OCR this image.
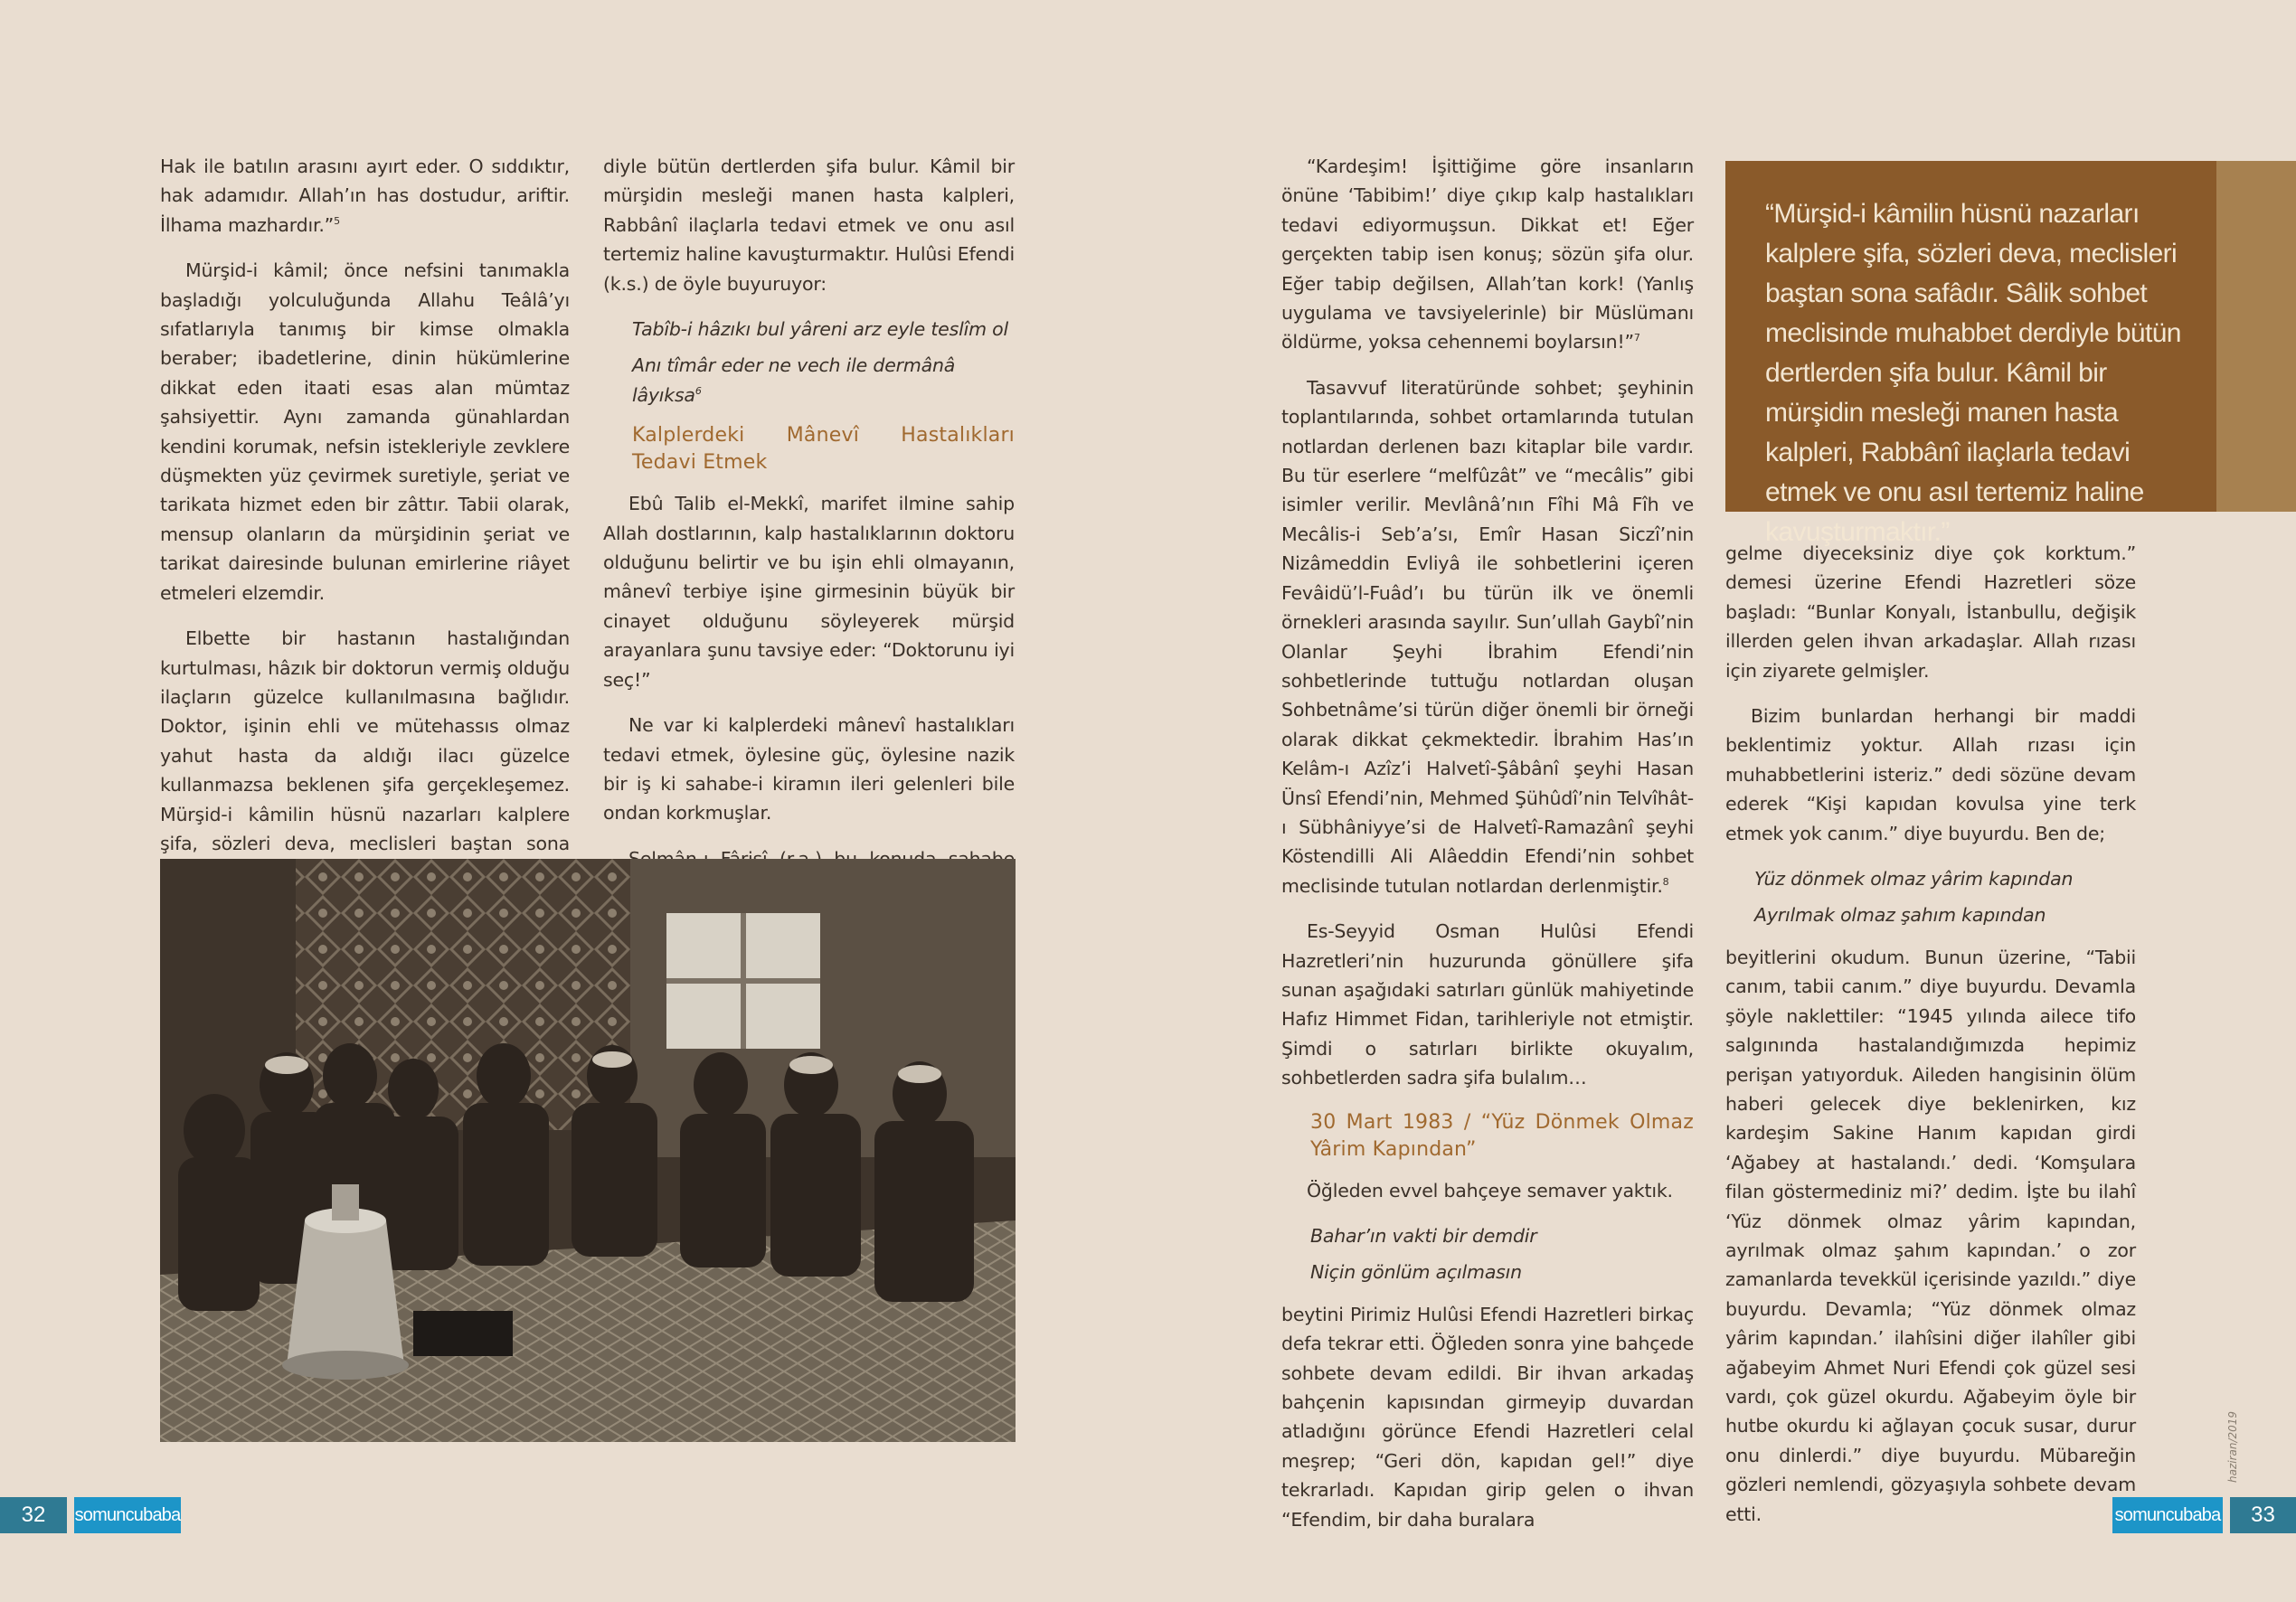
Hak ile batılın arasını ayırt eder. O sıddıktır, hak adamıdır. Allah’ın has dostudur, ariftir. İlhama mazhardır.”$^5$

Mürşid-i kâmil; önce nefsini tanımakla başladığı yolculuğunda Allahu Teâlâ’yı sıfatlarıyla tanımış bir kimse olmakla beraber; ibadetlerine, dinin hükümlerine dikkat eden itaati esas alan mümtaz şahsiyettir. Aynı zamanda günahlardan kendini korumak, nefsin istekleriyle zevklere düşmekten yüz çevirmek suretiyle, şeriat ve tarikata hizmet eden bir zâttır. Tabii olarak, mensup olanların da mürşidinin şeriat ve tarikat dairesinde bulunan emirlerine riâyet etmeleri elzemdir.

Elbette bir hastanın hastalığından kurtulması, hâzık bir doktorun vermiş olduğu ilaçların güzelce kullanılmasına bağlıdır. Doktor, işinin ehli ve mütehassıs olmaz yahut hasta da aldığı ilacı güzelce kullanmazsa beklenen şifa gerçekleşemez. Mürşid-i kâmilin hüsnü nazarları kalplere şifa, sözleri deva, meclisleri baştan sona

diyle bütün dertlerden şifa bulur. Kâmil bir mürşidin mesleği manen hasta kalpleri, Rabbânî ilaçlarla tedavi etmek ve onu asıl tertemiz haline kavuşturmaktır. Hulûsi Efendi (k.s.) de öyle buyuruyor:

Tabîb-i hâzıkı bul yâreni arz eyle teslîm ol
Anı tîmâr eder ne vech ile dermânâ lâyıksa$^6$
Kalplerdeki Mânevî Hastalıkları Tedavi Etmek

Ebû Talib el-Mekkî, marifet ilmine sahip Allah dostlarının, kalp hastalıklarının doktoru olduğunu belirtir ve bu işin ehli olmayanın, mânevî terbiye işine girmesinin büyük bir cinayet olduğunu söyleyerek mürşid arayanlara şunu tavsiye eder: “Doktorunu iyi seç!”

Ne var ki kalplerdeki mânevî hastalıkları tedavi etmek, öylesine güç, öylesine nazik bir iş ki sahabe-i kiramın ileri gelenleri bile ondan korkmuşlar.

“Kardeşim! İşittiğime göre insanların önüne ‘Tabibim!’ diye çıkıp kalp hastalıkları tedavi ediyormuşsun. Dikkat et! Eğer gerçekten tabip isen konuş; sözün şifa olur. Eğer tabip değilsen, Allah’tan kork! (Yanlış uygulama ve tavsiyelerinle) bir Müslümanı öldürme, yoksa cehennemi boylarsın!”$^7$

Tasavvuf literatüründe sohbet; şeyhinin toplantılarında, sohbet ortamlarında tutulan notlardan derlenen bazı kitaplar bile vardır. Bu tür eserlere “melfûzât” ve “mecâlis” gibi isimler verilir. Mevlânâ’nın Fîhi Mâ Fîh ve Mecâlis-i Seb’a’sı, Emîr Hasan Siczî’nin Nizâmeddin Evliyâ ile sohbetlerini içeren Fevâidü’l-Fuâd’ı bu türün ilk ve önemli örnekleri arasında sayılır. Sun’ullah Gaybî’nin Olanlar Şeyhi İbrahim Efendi’nin sohbetlerinde tuttuğu notlardan oluşan Sohbetnâme’si türün diğer önemli bir örneği olarak dikkat çekmektedir. İbrahim Has’ın Kelâm-ı Azîz’i Halvetî-Şâbânî şeyhi Hasan Ünsî Efendi’nin, Mehmed Şühûdî’nin Telvîhât-ı Sübhâniyye’si de Halvetî-Ramazânî şeyhi Köstendilli Ali Alâeddin Efendi’nin sohbet meclisinde tutulan notlardan derlenmiştir.$^8$

Es-Seyyid Osman Hulûsi Efendi Hazretleri’nin huzurunda gönüllere şifa sunan aşağıdaki satırları günlük mahiyetinde Hafız Himmet Fidan, tarihleriyle not etmiştir. Şimdi o satırları birlikte okuyalım, sohbetlerden sadra şifa bulalım…

30 Mart 1983 / “Yüz Dönmek Olmaz Yârim Kapından”

Öğleden evvel bahçeye semaver yaktık.

Bahar’ın vakti bir demdir
Niçin gönlüm açılmasın

beytini Pirimiz Hulûsi Efendi Hazretleri birkaç defa tekrar etti. Öğleden sonra yine bahçede sohbete devam edildi. Bir ihvan arkadaş bahçenin kapısından girmeyip duvardan atladığını görünce Efendi Hazretleri celal meşrep; “Geri dön, kapıdan gel!” diye tekrarladı. Kapıdan girip gelen o ihvan “Efendim, bir daha buralara

“Mürşid-i kâmilin hüsnü nazarları kalplere şifa, sözleri deva, meclisleri baştan sona safâdır. Sâlik sohbet meclisinde muhabbet derdiyle bütün dertlerden şifa bulur. Kâmil bir mürşidin mesleği manen hasta kalpleri, Rabbânî ilaçlarla tedavi etmek ve onu asıl tertemiz haline kavuşturmaktır.”

gelme diyeceksiniz diye çok korktum.” demesi üzerine Efendi Hazretleri söze başladı: “Bunlar Konyalı, İstanbullu, değişik illerden gelen ihvan arkadaşlar. Allah rızası için ziyarete gelmişler.

Bizim bunlardan herhangi bir maddi beklentimiz yoktur. Allah rızası için muhabbetlerini isteriz.” dedi sözüne devam ederek “Kişi kapıdan kovulsa yine terk etmek yok canım.” diye buyurdu. Ben de;

Yüz dönmek olmaz yârim kapından
Ayrılmak olmaz şahım kapından

beyitlerini okudum. Bunun üzerine, “Tabii canım, tabii canım.” diye buyurdu. Devamla şöyle naklettiler: “1945 yılında ailece tifo salgınında hastalandığımızda hepimiz perişan yatıyorduk. Aileden hangisinin ölüm haberi gelecek diye beklenirken, kız kardeşim Sakine Hanım kapıdan girdi ‘Ağabey at hastalandı.’ dedi. ‘Komşulara filan göstermediniz mi?’ dedim. İşte bu ilahî ‘Yüz dönmek olmaz yârim kapından, ayrılmak olmaz şahım kapından.’ o zor zamanlarda tevekkül içerisinde yazıldı.” diye buyurdu. Devamla; “Yüz dönmek olmaz yârim kapından.’ ilahîsini diğer ilahîler gibi ağabeyim Ahmet Nuri Efendi çok güzel sesi vardı, çok güzel okurdu. Ağabeyim öyle bir hutbe okurdu ki ağlayan çocuk susar, durur onu dinlerdi.” diye buyurdu. Mübareğin gözleri nemlendi, gözyaşıyla sohbete devam etti.

32	somuncubaba	somuncubaba	33
haziran/2019
